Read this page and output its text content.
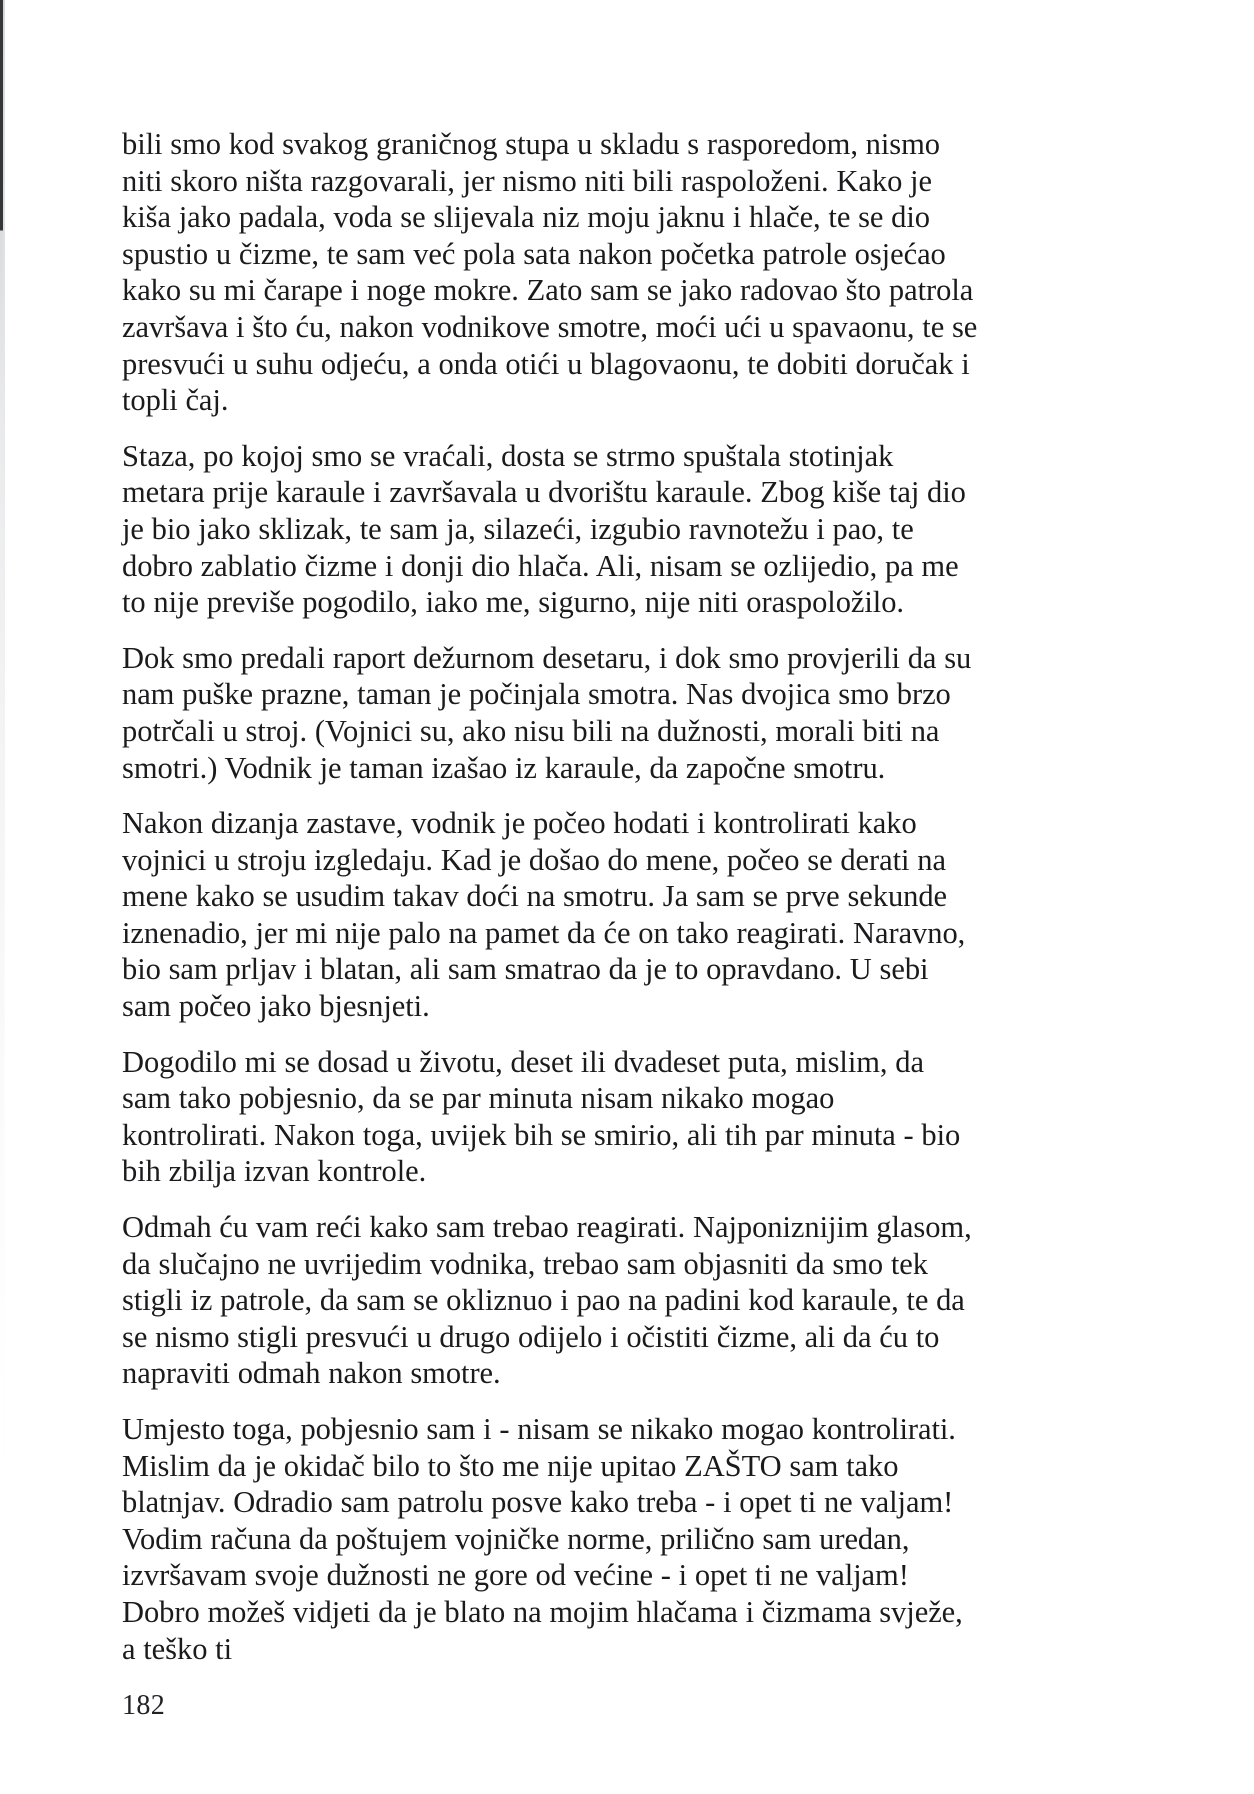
bili smo kod svakog graničnog stupa u skladu s rasporedom, nismo niti skoro ništa razgovarali, jer nismo niti bili raspoloženi. Kako je kiša jako padala, voda se slijevala niz moju jaknu i hlače, te se dio spustio u čizme, te sam već pola sata nakon početka patrole osjećao kako su mi čarape i noge mokre. Zato sam se jako radovao što patrola završava i što ću, nakon vodnikove smotre, moći ući u spavaonu, te se presvući u suhu odjeću, a onda otići u blagovaonu, te dobiti doručak i topli čaj.

Staza, po kojoj smo se vraćali, dosta se strmo spuštala stotinjak metara prije karaule i završavala u dvorištu karaule. Zbog kiše taj dio je bio jako sklizak, te sam ja, silazeći, izgubio ravnotežu i pao, te dobro zablatio čizme i donji dio hlača. Ali, nisam se ozlijedio, pa me to nije previše pogodilo, iako me, sigurno, nije niti oraspoložilo.

Dok smo predali raport dežurnom desetaru, i dok smo provjerili da su nam puške prazne, taman je počinjala smotra. Nas dvojica smo brzo potrčali u stroj. (Vojnici su, ako nisu bili na dužnosti, morali biti na smotri.) Vodnik je taman izašao iz karaule, da započne smotru.

Nakon dizanja zastave, vodnik je počeo hodati i kontrolirati kako vojnici u stroju izgledaju. Kad je došao do mene, počeo se derati na mene kako se usudim takav doći na smotru. Ja sam se prve sekunde iznenadio, jer mi nije palo na pamet da će on tako reagirati. Naravno, bio sam prljav i blatan, ali sam smatrao da je to opravdano. U sebi sam počeo jako bjesnjeti.

Dogodilo mi se dosad u životu, deset ili dvadeset puta, mislim, da sam tako pobjesnio, da se par minuta nisam nikako mogao kontrolirati. Nakon toga, uvijek bih se smirio, ali tih par minuta - bio bih zbilja izvan kontrole.

Odmah ću vam reći kako sam trebao reagirati. Najponiznijim glasom, da slučajno ne uvrijedim vodnika, trebao sam objasniti da smo tek stigli iz patrole, da sam se okliznuo i pao na padini kod karaule, te da se nismo stigli presvući u drugo odijelo i očistiti čizme, ali da ću to napraviti odmah nakon smotre.

Umjesto toga, pobjesnio sam i - nisam se nikako mogao kontrolirati. Mislim da je okidač bilo to što me nije upitao ZAŠTO sam tako blatnjav. Odradio sam patrolu posve kako treba - i opet ti ne valjam! Vodim računa da poštujem vojničke norme, prilično sam uredan, izvršavam svoje dužnosti ne gore od većine - i opet ti ne valjam! Dobro možeš vidjeti da je blato na mojim hlačama i čizmama svježe, a teško ti

182
